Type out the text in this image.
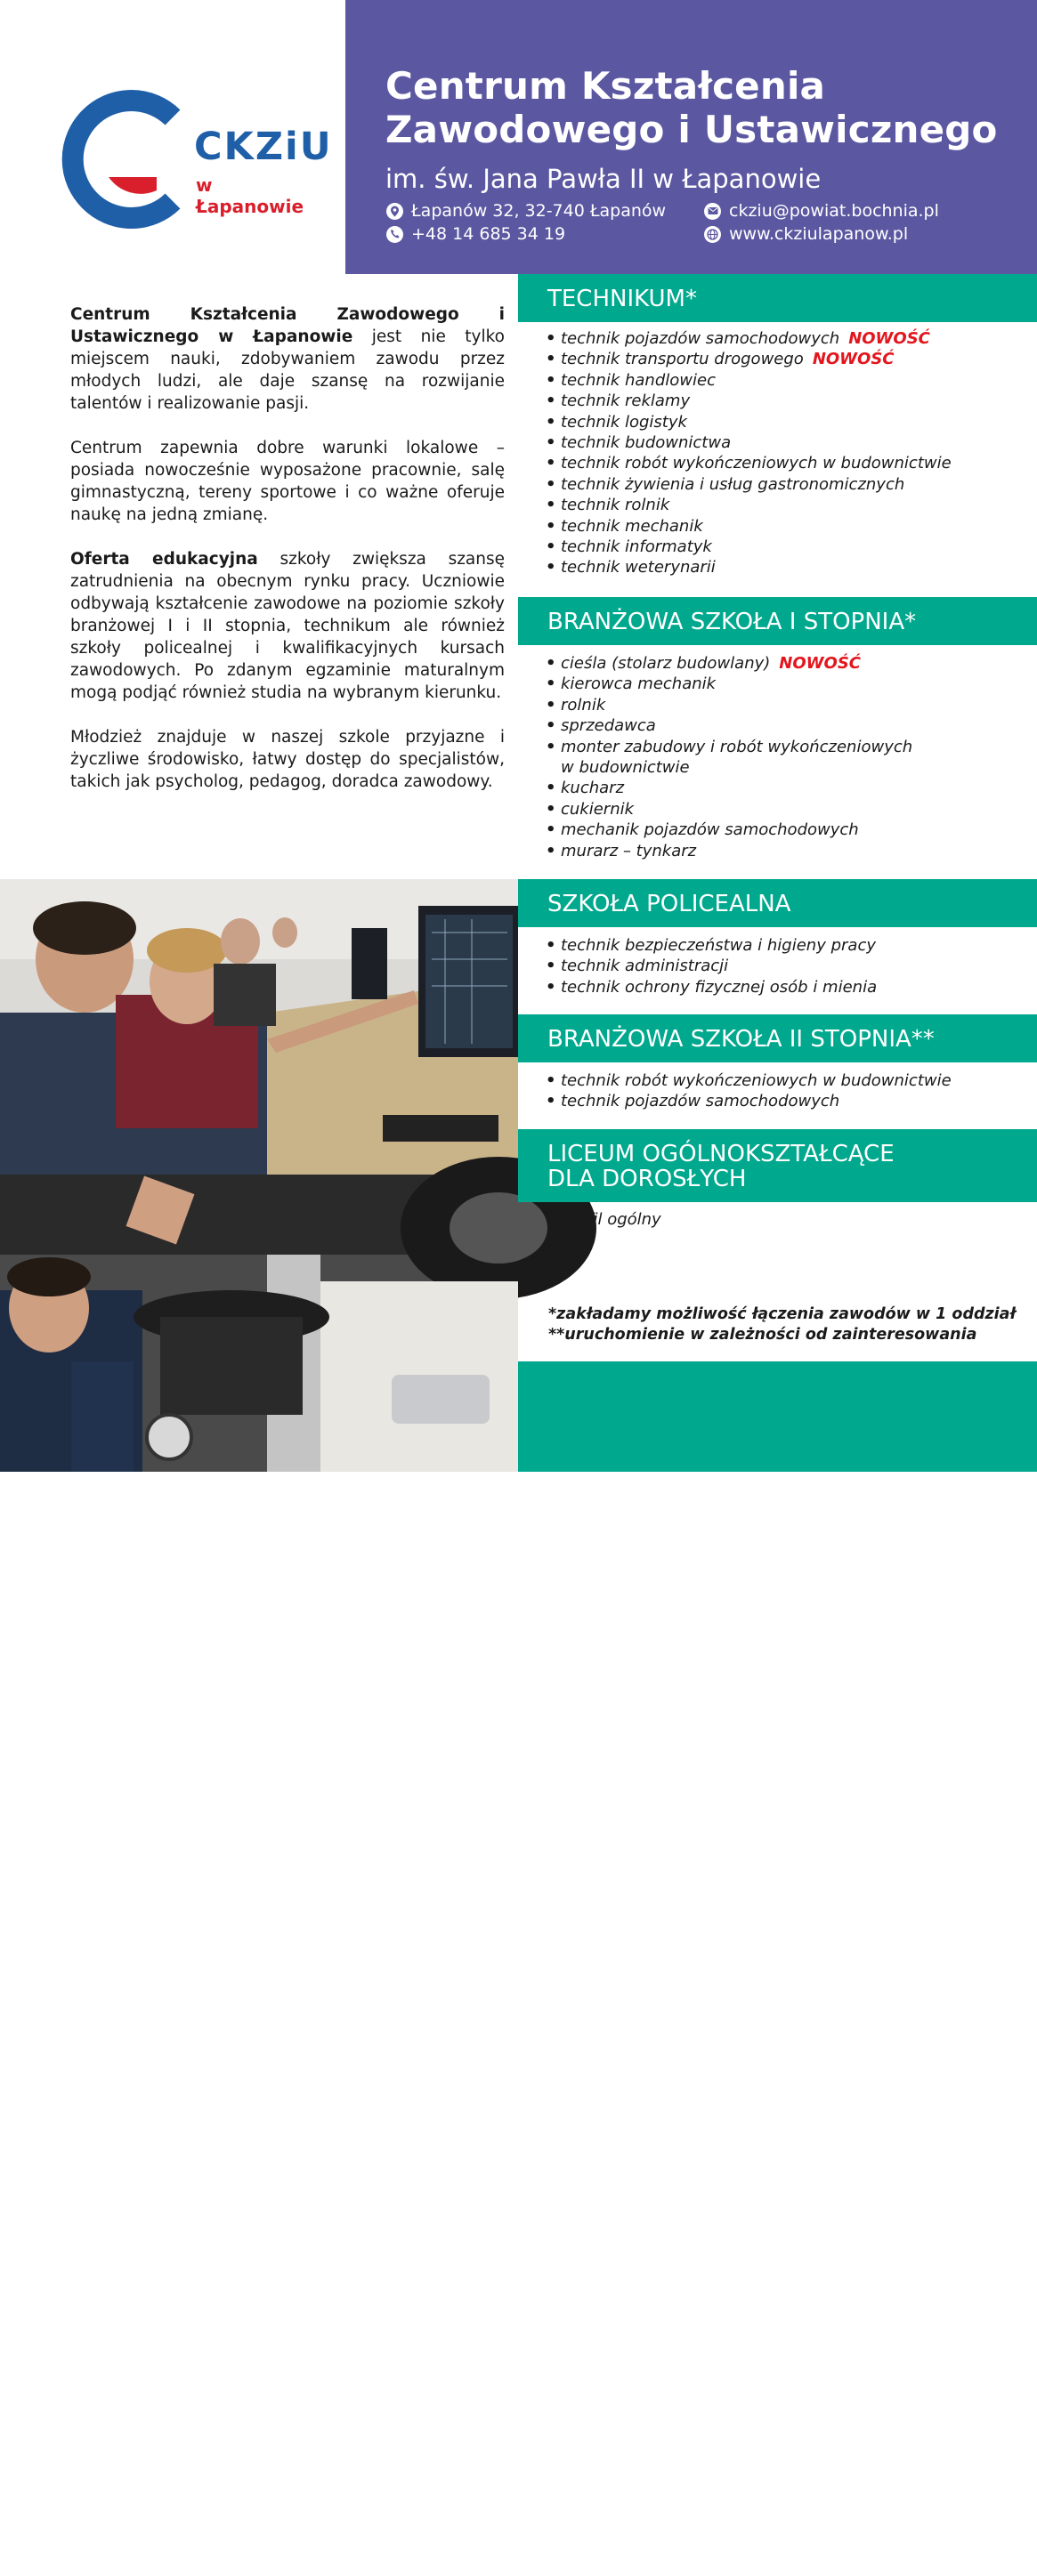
CKZiU
w Łapanowie
Centrum Kształcenia
Zawodowego i Ustawicznego
im. św. Jana Pawła II w Łapanowie
Łapanów 32, 32-740 Łapanów
+48 14 685 34 19
ckziu@powiat.bochnia.pl
www.ckziulapanow.pl

Centrum Kształcenia Zawodowego i Ustawicznego w Łapanowie jest nie tylko miejscem nauki, zdobywaniem zawodu przez młodych ludzi, ale daje szansę na rozwijanie talentów i realizowanie pasji.

Centrum zapewnia dobre warunki lokalowe – posiada nowocześnie wyposażone pracownie, salę gimnastyczną, tereny sportowe i co ważne oferuje naukę na jedną zmianę.

Oferta edukacyjna szkoły zwiększa szansę zatrudnienia na obecnym rynku pracy. Uczniowie odbywają kształcenie zawodowe na poziomie szkoły branżowej I i II stopnia, technikum ale również szkoły policealnej i kwalifikacyjnych kursach zawodowych. Po zdanym egzaminie maturalnym mogą podjąć również studia na wybranym kierunku.

Młodzież znajduje w naszej szkole przyjazne i życzliwe środowisko, łatwy dostęp do specjalistów, takich jak psycholog, pedagog, doradca zawodowy.

8|
TECHNIKUM*
• technik pojazdów samochodowych NOWOŚĆ
• technik transportu drogowego NOWOŚĆ
• technik handlowiec
• technik reklamy
• technik logistyk
• technik budownictwa
• technik robót wykończeniowych w budownictwie
• technik żywienia i usług gastronomicznych
• technik rolnik
• technik mechanik
• technik informatyk
• technik weterynarii
BRANŻOWA SZKOŁA I STOPNIA*
• cieśla (stolarz budowlany) NOWOŚĆ
• kierowca mechanik
• rolnik
• sprzedawca
• monter zabudowy i robót wykończeniowych
w budownictwie
• kucharz
• cukiernik
• mechanik pojazdów samochodowych
• murarz – tynkarz
SZKOŁA POLICEALNA
• technik bezpieczeństwa i higieny pracy
• technik administracji
• technik ochrony fizycznej osób i mienia
BRANŻOWA SZKOŁA II STOPNIA**
• technik robót wykończeniowych w budownictwie
• technik pojazdów samochodowych
LICEUM OGÓLNOKSZTAŁCĄCE
DLA DOROSŁYCH
• profil ogólny
*zakładamy możliwość łączenia zawodów w 1 oddział
**uruchomienie w zależności od zainteresowania
